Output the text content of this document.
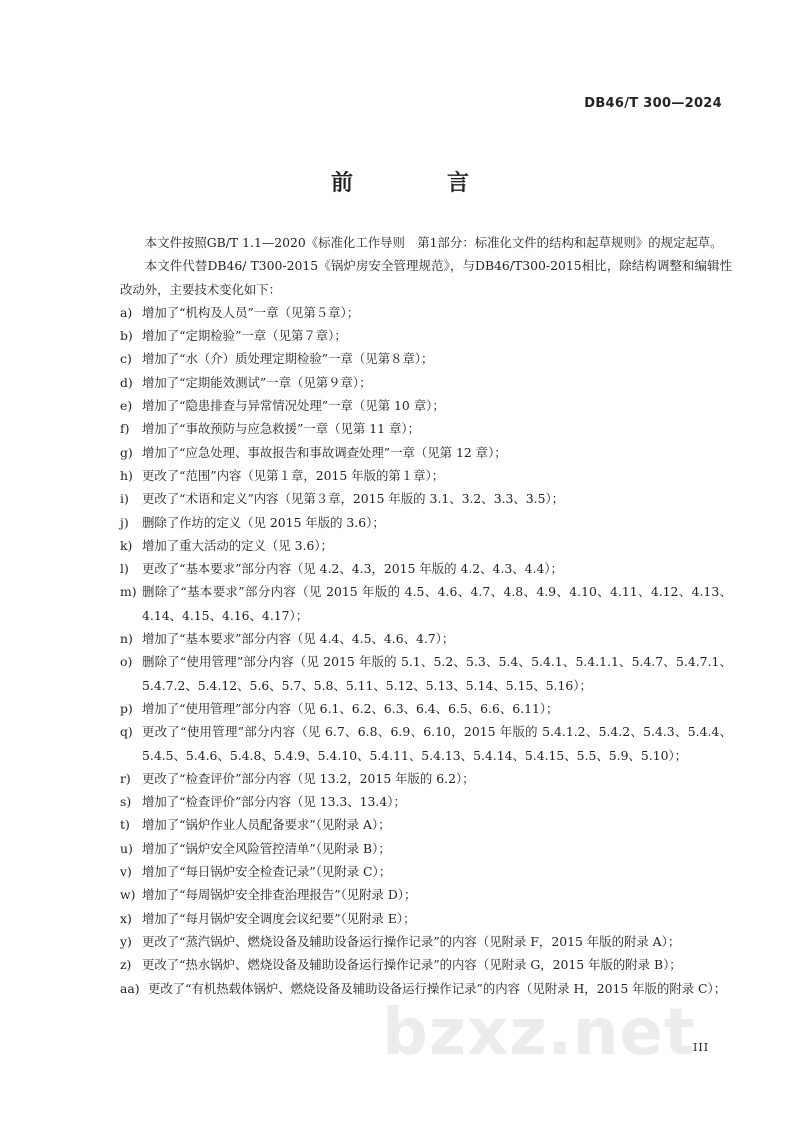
DB46/T 300—2024
前　言

本文件按照GB/T 1.1—2020《标准化工作导则　第1部分：标准化文件的结构和起草规则》的规定起草。

本文件代替DB46/ T300-2015《锅炉房安全管理规范》，与DB46/T300-2015相比，除结构调整和编辑性改动外，主要技术变化如下：

a) 增加了“机构及人员”一章（见第５章）；
b) 增加了“定期检验”一章（见第７章）；
c) 增加了“水（介）质处理定期检验”一章（见第８章）；
d) 增加了“定期能效测试”一章（见第９章）；
e) 增加了“隐患排查与异常情况处理”一章（见第 10 章）；
f)	增加了“事故预防与应急救援”一章（见第 11 章）；
g) 增加了“应急处理、事故报告和事故调查处理”一章（见第 12 章）；
h) 更改了“范围”内容（见第１章，2015 年版的第１章）；
i)	更改了“术语和定义”内容（见第３章，2015 年版的 3.1、3.2、3.3、3.5）；
j)	删除了作坊的定义（见 2015 年版的 3.6）；
k) 增加了重大活动的定义（见 3.6）；
l)	更改了“基本要求”部分内容（见 4.2、4.3，2015 年版的 4.2、4.3、4.4）；
m) 删除了“基本要求”部分内容（见 2015 年版的 4.5、4.6、4.7、4.8、4.9、4.10、4.11、4.12、4.13、4.14、4.15、4.16、4.17）；
n) 增加了“基本要求”部分内容（见 4.4、4.5、4.6、4.7）；
o) 删除了“使用管理”部分内容（见 2015 年版的 5.1、5.2、5.3、5.4、5.4.1、5.4.1.1、5.4.7、5.4.7.1、5.4.7.2、5.4.12、5.6、5.7、5.8、5.11、5.12、5.13、5.14、5.15、5.16）；
p) 增加了“使用管理”部分内容（见 6.1、6.2、6.3、6.4、6.5、6.6、6.11）；
q) 更改了“使用管理”部分内容（见 6.7、6.8、6.9、6.10，2015 年版的 5.4.1.2、5.4.2、5.4.3、5.4.4、5.4.5、5.4.6、5.4.8、5.4.9、5.4.10、5.4.11、5.4.13、5.4.14、5.4.15、5.5、5.9、5.10）；
r) 更改了“检查评价”部分内容（见 13.2，2015 年版的 6.2）；
s) 增加了“检查评价”部分内容（见 13.3、13.4）；
t) 增加了“锅炉作业人员配备要求”（见附录 A）；
u) 增加了“锅炉安全风险管控清单”（见附录 B）；
v) 增加了“每日锅炉安全检查记录”（见附录 C）；
w) 增加了“每周锅炉安全排查治理报告”（见附录 D）；
x) 增加了“每月锅炉安全调度会议纪要”（见附录 E）；
y) 更改了“蒸汽锅炉、燃烧设备及辅助设备运行操作记录”的内容（见附录 F，2015 年版的附录 A）；
z) 更改了“热水锅炉、燃烧设备及辅助设备运行操作记录”的内容（见附录 G，2015 年版的附录 B）；
aa) 更改了“有机热载体锅炉、燃烧设备及辅助设备运行操作记录”的内容（见附录 H，2015 年版的附录 C）；
III
bzxz.net
